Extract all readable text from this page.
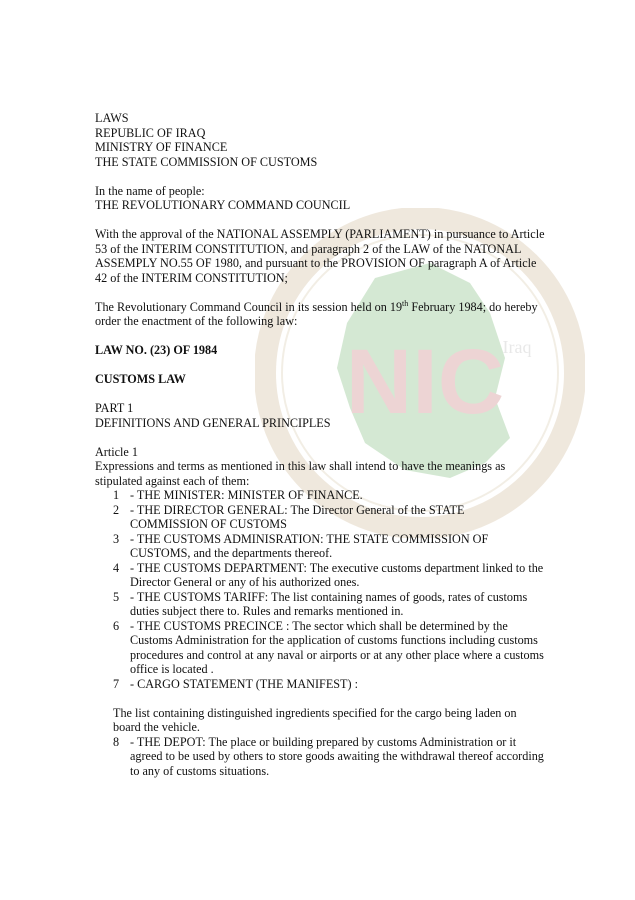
NIC
Iraq

LAWS

REPUBLIC OF IRAQ

MINISTRY OF FINANCE

THE STATE COMMISSION OF CUSTOMS

In the name of people:

THE REVOLUTIONARY COMMAND COUNCIL

With the approval of the NATIONAL ASSEMPLY (PARLIAMENT) in pursuance to Article 53 of the INTERIM CONSTITUTION, and paragraph 2 of the LAW of the NATONAL ASSEMPLY NO.55 OF 1980, and pursuant to the PROVISION OF paragraph A of Article 42 of the INTERIM CONSTITUTION;

The Revolutionary Command Council in its session held on 19th February 1984; do hereby order the enactment of the following law:

LAW NO. (23) OF 1984

CUSTOMS LAW

PART 1

DEFINITIONS AND GENERAL PRINCIPLES

Article 1

Expressions and terms as mentioned in this law shall intend to have the meanings as stipulated against each of them:

1 - THE MINISTER: MINISTER OF FINANCE.
2 - THE DIRECTOR GENERAL: The Director General of the STATE COMMISSION OF CUSTOMS
3 - THE CUSTOMS ADMINISRATION: THE STATE COMMISSION OF CUSTOMS, and the departments thereof.
4 - THE CUSTOMS DEPARTMENT: The executive customs department linked to the Director General or any of his authorized ones.
5 - THE CUSTOMS TARIFF: The list containing names of goods, rates of customs duties subject there to. Rules and remarks mentioned in.
6 - THE CUSTOMS PRECINCE : The sector which shall be determined by the Customs Administration for the application of customs functions including customs procedures and control at any naval or airports or at any other place where a customs office is located .
7 - CARGO STATEMENT (THE MANIFEST) :

The list containing distinguished ingredients specified for the cargo being laden on board the vehicle.

8 - THE DEPOT: The place or building prepared by customs Administration or it agreed to be used by others to store goods awaiting the withdrawal thereof according to any of customs situations.
